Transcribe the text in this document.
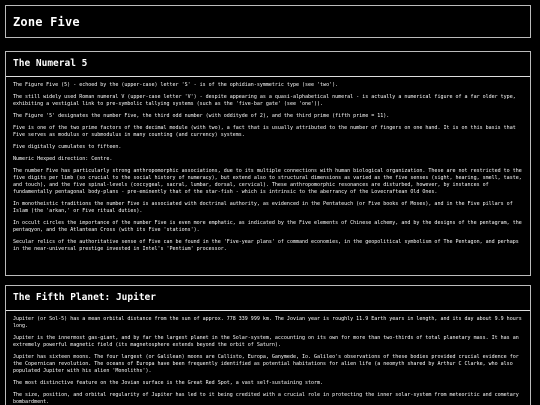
Zone Five
The Numeral 5

The Figure Five (5) - echoed by the (upper-case) letter 'S' - is of the ophidian-symmetric type (see 'two').

The still widely used Roman numeral V (upper-case letter 'V') - despite appearing as a quasi-alphabetical numeral - is actually a numerical figure of a far older type, exhibiting a vestigial link to pre-symbolic tallying systems (such as the 'five-bar gate' (see 'one')).

The Figure '5' designates the number Five, the third odd number (with oddityde of 2), and the third prime (fifth prime = 11).

Five is one of the two prime factors of the decimal module (with two), a fact that is usually attributed to the number of fingers on one hand. It is on this basis that Five serves as modulus or submodulus in many counting (and currency) systems.

Five digitally cumulates to fifteen.

Numeric Hexped direction: Centre.

The number Five has particularly strong anthropomorphic associations, due to its multiple connections with human biological organization. These are not restricted to the five digits per limb (so crucial to the social history of numeracy), but extend also to structural dimensions as varied as the five senses (sight, hearing, smell, taste, and touch), and the five spinal-levels (coccygeal, sacral, lumbar, dorsal, cervical). These anthropomorphic resonances are disturbed, however, by instances of fundamentally pentagonal body-plans - pre-eminently that of the star-fish - which is intrinsic to the aberrancy of the Lovecraftean Old Ones.

In monotheistic traditions the number Five is associated with doctrinal authority, as evidenced in the Pentateuch (or Five books of Moses), and in the Five pillars of Islam (the 'arkan,' or Five ritual duties).

In occult circles the importance of the number Five is even more emphatic, as indicated by the Five elements of Chinese alchemy, and by the designs of the pentagram, the pentaqyon, and the Atlantean Cross (with its Five 'stations').

Secular relics of the authoritative sense of Five can be found in the 'Five-year plans' of command economies, in the geopolitical symbolism of The Pentagon, and perhaps in the near-universal prestige invested in Intel's 'Pentium' processor.

The Fifth Planet: Jupiter

Jupiter (or Sol-5) has a mean orbital distance from the sun of approx. 778 339 999 km. The Jovian year is roughly 11.9 Earth years in length, and its day about 9.9 hours long.

Jupiter is the innermost gas-giant, and by far the largest planet in the Solar-system, accounting on its own for more than two-thirds of total planetary mass. It has an extremely powerful magnetic field (its magnetosphere extends beyond the orbit of Saturn).

Jupiter has sixteen moons. The four largest (or Galilean) moons are Callisto, Europa, Ganymede, Io. Galileo's observations of these bodies provided crucial evidence for the Copernican revolution. The oceans of Europa have been frequently identified as potential habitations for alien life (a neomyth shared by Arthur C Clarke, who also populated Jupiter with his alien 'Monoliths').

The most distinctive feature on the Jovian surface is the Great Red Spot, a vast self-sustaining storm.

The size, position, and orbital regularity of Jupiter has led to it being credited with a crucial role in protecting the inner solar-system from meteoritic and cometary bombardment.
